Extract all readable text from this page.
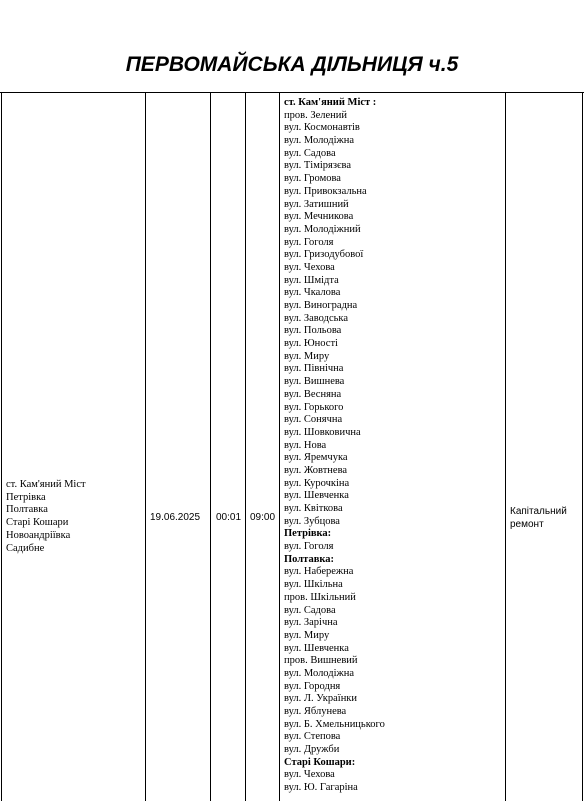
ПЕРВОМАЙСЬКА ДІЛЬНИЦЯ ч.5
ст. Кам'яний Міст
Петрівка
Полтавка
Старі Кошари
Новоандріївка
Садибне
19.06.2025 00:01 09:00
Капітальний
ремонт
ст. Кам'яний Міст :
пров. Зелений
вул. Космонавтів
вул. Молодіжна
вул. Садова
вул. Тімірязєва
вул. Громова
вул. Привокзальна
вул. Затишний
вул. Мечникова
вул. Молодіжний
вул. Гоголя
вул. Гризодубової
вул. Чехова
вул. Шмідта
вул. Чкалова
вул. Виноградна
вул. Заводська
вул. Польова
вул. Юності
вул. Миру
вул. Північна
вул. Вишнева
вул. Весняна
вул. Горького
вул. Сонячна
вул. Шовковична
вул. Нова
вул. Яремчука
вул. Жовтнева
вул. Курочкіна
вул. Шевченка
вул. Квіткова
вул. Зубцова
Петрівка:
вул. Гоголя
Полтавка:
вул. Набережна
вул. Шкільна
пров. Шкільний
вул. Садова
вул. Зарічна
вул. Миру
вул. Шевченка
пров. Вишневий
вул. Молодіжна
вул. Городня
вул. Л. Українки
вул. Яблунева
вул. Б. Хмельницького
вул. Степова
вул. Дружби
Старі Кошари:
вул. Чехова
вул. Ю. Гагаріна
